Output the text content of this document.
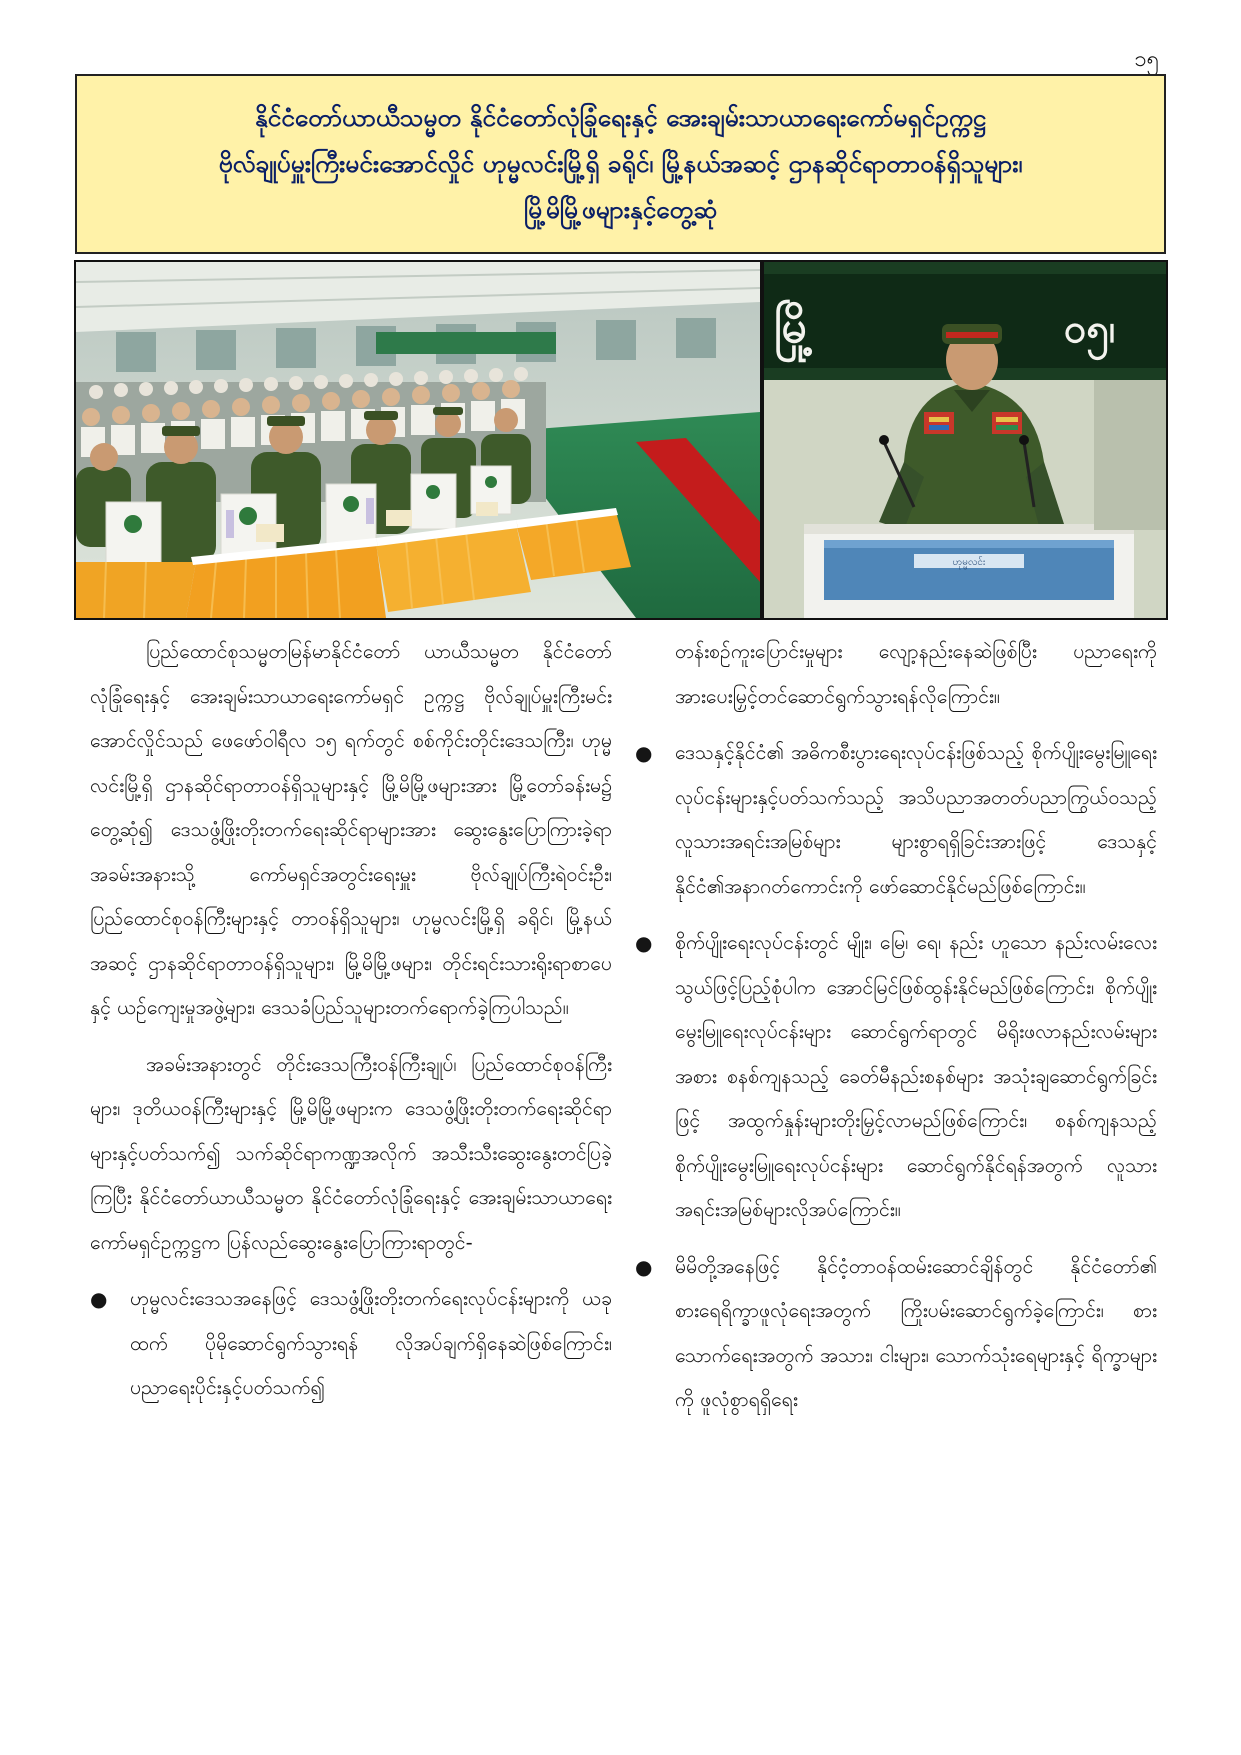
၁၅
နိုင်ငံတော်ယာယီသမ္မတ နိုင်ငံတော်လုံခြုံရေးနှင့် အေးချမ်းသာယာရေးကော်မရှင်ဥက္ကဋ္ဌ
ဗိုလ်ချုပ်မှူးကြီးမင်းအောင်လှိုင် ဟုမ္မလင်းမြို့ရှိ ခရိုင်၊ မြို့နယ်အဆင့် ဌာနဆိုင်ရာတာဝန်ရှိသူများ၊
မြို့မိမြို့ဖများနှင့်တွေ့ဆုံ
မြို့	၀၅၊
ဟုမ္မလင်း

ပြည်ထောင်စုသမ္မတမြန်မာနိုင်ငံတော် ယာယီသမ္မတ နိုင်ငံတော်လုံခြုံရေးနှင့် အေးချမ်းသာယာရေးကော်မရှင် ဥက္ကဋ္ဌ ဗိုလ်ချုပ်မှူးကြီးမင်းအောင်လှိုင်သည် ဖေဖော်ဝါရီလ ၁၅ ရက်တွင် စစ်ကိုင်းတိုင်းဒေသကြီး၊ ဟုမ္မလင်းမြို့ရှိ ဌာနဆိုင်ရာတာဝန်ရှိသူများနှင့် မြို့မိမြို့ဖများအား မြို့တော်ခန်းမ၌ တွေ့ဆုံ၍ ဒေသဖွံ့ဖြိုးတိုးတက်ရေးဆိုင်ရာများအား ဆွေးနွေးပြောကြားခဲ့ရာ အခမ်းအနားသို့ ကော်မရှင်အတွင်းရေးမှူး ဗိုလ်ချုပ်ကြီးရဲဝင်းဦး၊ ပြည်ထောင်စုဝန်ကြီးများနှင့် တာဝန်ရှိသူများ၊ ဟုမ္မလင်းမြို့ရှိ ခရိုင်၊ မြို့နယ်အဆင့် ဌာနဆိုင်ရာတာဝန်ရှိသူများ၊ မြို့မိမြို့ဖများ၊ တိုင်းရင်းသားရိုးရာစာပေနှင့် ယဉ်ကျေးမှုအဖွဲ့များ၊ ဒေသခံပြည်သူများတက်ရောက်ခဲ့ကြပါသည်။

အခမ်းအနားတွင် တိုင်းဒေသကြီးဝန်ကြီးချုပ်၊ ပြည်ထောင်စုဝန်ကြီးများ၊ ဒုတိယဝန်ကြီးများနှင့် မြို့မိမြို့ဖများက ဒေသဖွံ့ဖြိုးတိုးတက်ရေးဆိုင်ရာများနှင့်ပတ်သက်၍ သက်ဆိုင်ရာကဏ္ဍအလိုက် အသီးသီးဆွေးနွေးတင်ပြခဲ့ကြပြီး နိုင်ငံတော်ယာယီသမ္မတ နိုင်ငံတော်လုံခြုံရေးနှင့် အေးချမ်းသာယာရေးကော်မရှင်ဥက္ကဋ္ဌက ပြန်လည်ဆွေးနွေးပြောကြားရာတွင်-

● ဟုမ္မလင်းဒေသအနေဖြင့် ဒေသဖွံ့ဖြိုးတိုးတက်ရေးလုပ်ငန်းများကို ယခုထက် ပိုမိုဆောင်ရွက်သွားရန် လိုအပ်ချက်ရှိနေဆဲဖြစ်ကြောင်း၊ ပညာရေးပိုင်းနှင့်ပတ်သက်၍

တန်းစဉ်ကူးပြောင်းမှုများ လျော့နည်းနေဆဲဖြစ်ပြီး ပညာရေးကို အားပေးမြှင့်တင်ဆောင်ရွက်သွားရန်လိုကြောင်း။

● ဒေသနှင့်နိုင်ငံ၏ အဓိကစီးပွားရေးလုပ်ငန်းဖြစ်သည့် စိုက်ပျိုးမွေးမြူရေးလုပ်ငန်းများနှင့်ပတ်သက်သည့် အသိပညာအတတ်ပညာကြွယ်ဝသည့် လူသားအရင်းအမြစ်များ များစွာရရှိခြင်းအားဖြင့် ဒေသနှင့် နိုင်ငံ၏အနာဂတ်ကောင်းကို ဖော်ဆောင်နိုင်မည်ဖြစ်ကြောင်း။
● စိုက်ပျိုးရေးလုပ်ငန်းတွင် မျိုး၊ မြေ၊ ရေ၊ နည်း ဟူသော နည်းလမ်းလေးသွယ်ဖြင့်ပြည့်စုံပါက အောင်မြင်ဖြစ်ထွန်းနိုင်မည်ဖြစ်ကြောင်း၊ စိုက်ပျိုးမွေးမြူရေးလုပ်ငန်းများ ဆောင်ရွက်ရာတွင် မိရိုးဖလာနည်းလမ်းများအစား စနစ်ကျနသည့် ခေတ်မီနည်းစနစ်များ အသုံးချဆောင်ရွက်ခြင်းဖြင့် အထွက်နှုန်းများတိုးမြှင့်လာမည်ဖြစ်ကြောင်း၊ စနစ်ကျနသည့် စိုက်ပျိုးမွေးမြူရေးလုပ်ငန်းများ ဆောင်ရွက်နိုင်ရန်အတွက် လူသားအရင်းအမြစ်များလိုအပ်ကြောင်း။
● မိမိတို့အနေဖြင့် နိုင်ငံ့တာဝန်ထမ်းဆောင်ချိန်တွင် နိုင်ငံတော်၏ စားရေရိက္ခာဖူလုံရေးအတွက် ကြိုးပမ်းဆောင်ရွက်ခဲ့ကြောင်း၊ စားသောက်ရေးအတွက် အသား၊ ငါးများ၊ သောက်သုံးရေများနှင့် ရိက္ခာများကို ဖူလုံစွာရရှိရေး
